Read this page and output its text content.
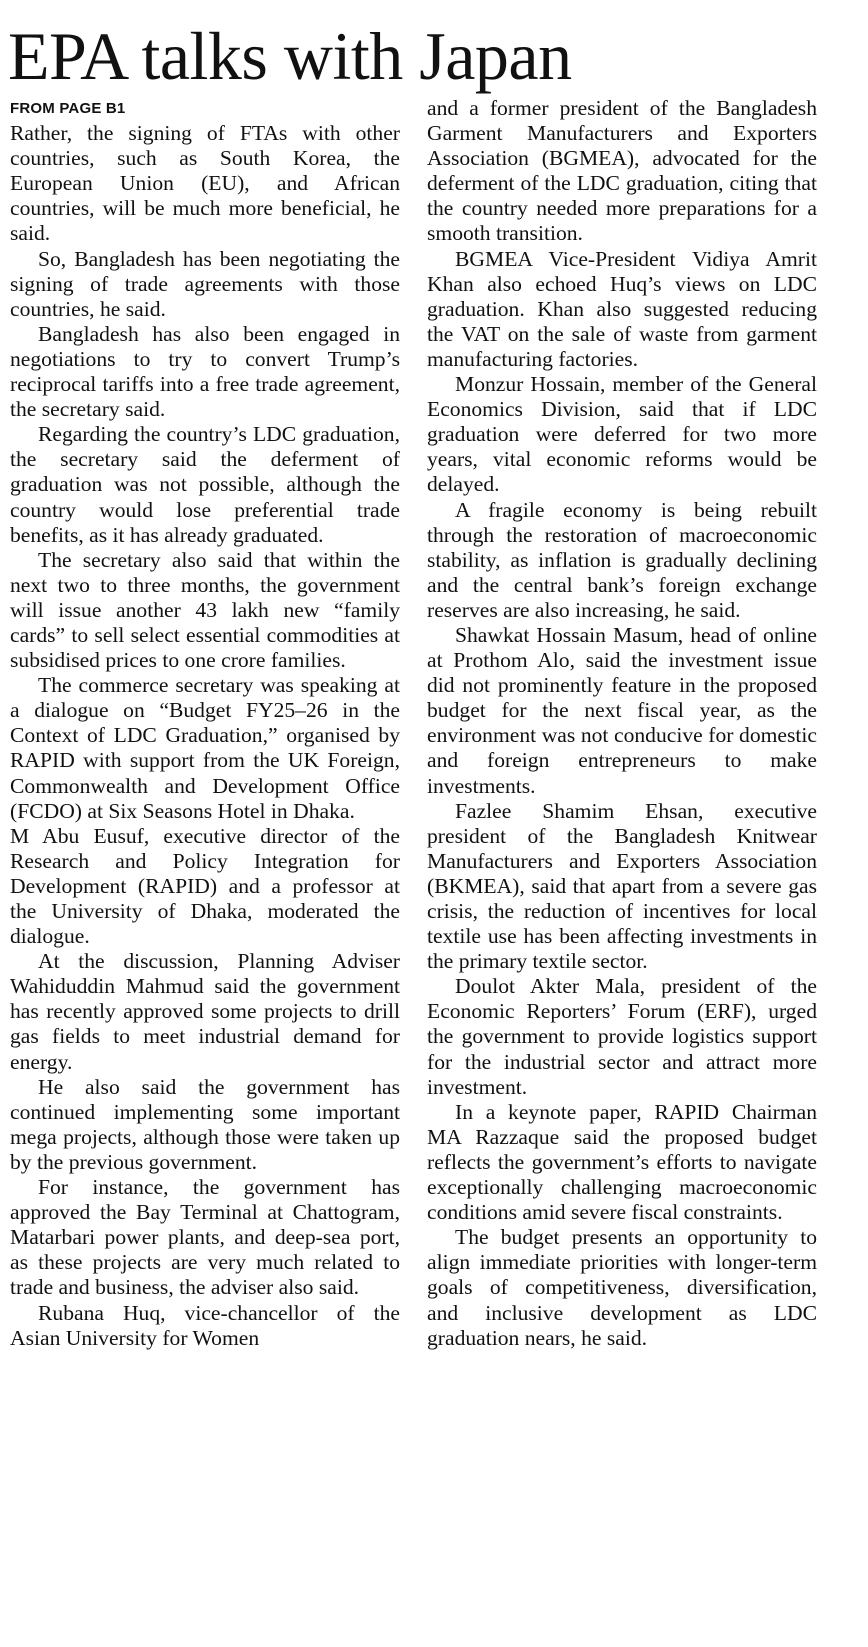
EPA talks with Japan
FROM PAGE B1

Rather, the signing of FTAs with other countries, such as South Korea, the European Union (EU), and African countries, will be much more beneficial, he said.

So, Bangladesh has been negotiating the signing of trade agreements with those countries, he said.

Bangladesh has also been engaged in negotiations to try to convert Trump’s reciprocal tariffs into a free trade agreement, the secretary said.

Regarding the country’s LDC graduation, the secretary said the deferment of graduation was not possible, although the country would lose preferential trade benefits, as it has already graduated.

The secretary also said that within the next two to three months, the government will issue another 43 lakh new “family cards” to sell select essential commodities at subsidised prices to one crore families.

The commerce secretary was speaking at a dialogue on “Budget FY25–26 in the Context of LDC Graduation,” organised by RAPID with support from the UK Foreign, Commonwealth and Development Office (FCDO) at Six Seasons Hotel in Dhaka.

M Abu Eusuf, executive director of the Research and Policy Integration for Development (RAPID) and a professor at the University of Dhaka, moderated the dialogue.

At the discussion, Planning Adviser Wahiduddin Mahmud said the government has recently approved some projects to drill gas fields to meet industrial demand for energy.

He also said the government has continued implementing some important mega projects, although those were taken up by the previous government.

For instance, the government has approved the Bay Terminal at Chattogram, Matarbari power plants, and deep-sea port, as these projects are very much related to trade and business, the adviser also said.

Rubana Huq, vice-chancellor of the Asian University for Women

and a former president of the Bangladesh Garment Manufacturers and Exporters Association (BGMEA), advocated for the deferment of the LDC graduation, citing that the country needed more preparations for a smooth transition.

BGMEA Vice-President Vidiya Amrit Khan also echoed Huq’s views on LDC graduation. Khan also suggested reducing the VAT on the sale of waste from garment manufacturing factories.

Monzur Hossain, member of the General Economics Division, said that if LDC graduation were deferred for two more years, vital economic reforms would be delayed.

A fragile economy is being rebuilt through the restoration of macroeconomic stability, as inflation is gradually declining and the central bank’s foreign exchange reserves are also increasing, he said.

Shawkat Hossain Masum, head of online at Prothom Alo, said the investment issue did not prominently feature in the proposed budget for the next fiscal year, as the environment was not conducive for domestic and foreign entrepreneurs to make investments.

Fazlee Shamim Ehsan, executive president of the Bangladesh Knitwear Manufacturers and Exporters Association (BKMEA), said that apart from a severe gas crisis, the reduction of incentives for local textile use has been affecting investments in the primary textile sector.

Doulot Akter Mala, president of the Economic Reporters’ Forum (ERF), urged the government to provide logistics support for the industrial sector and attract more investment.

In a keynote paper, RAPID Chairman MA Razzaque said the proposed budget reflects the government’s efforts to navigate exceptionally challenging macroeconomic conditions amid severe fiscal constraints.

The budget presents an opportunity to align immediate priorities with longer-term goals of competitiveness, diversification, and inclusive development as LDC graduation nears, he said.
